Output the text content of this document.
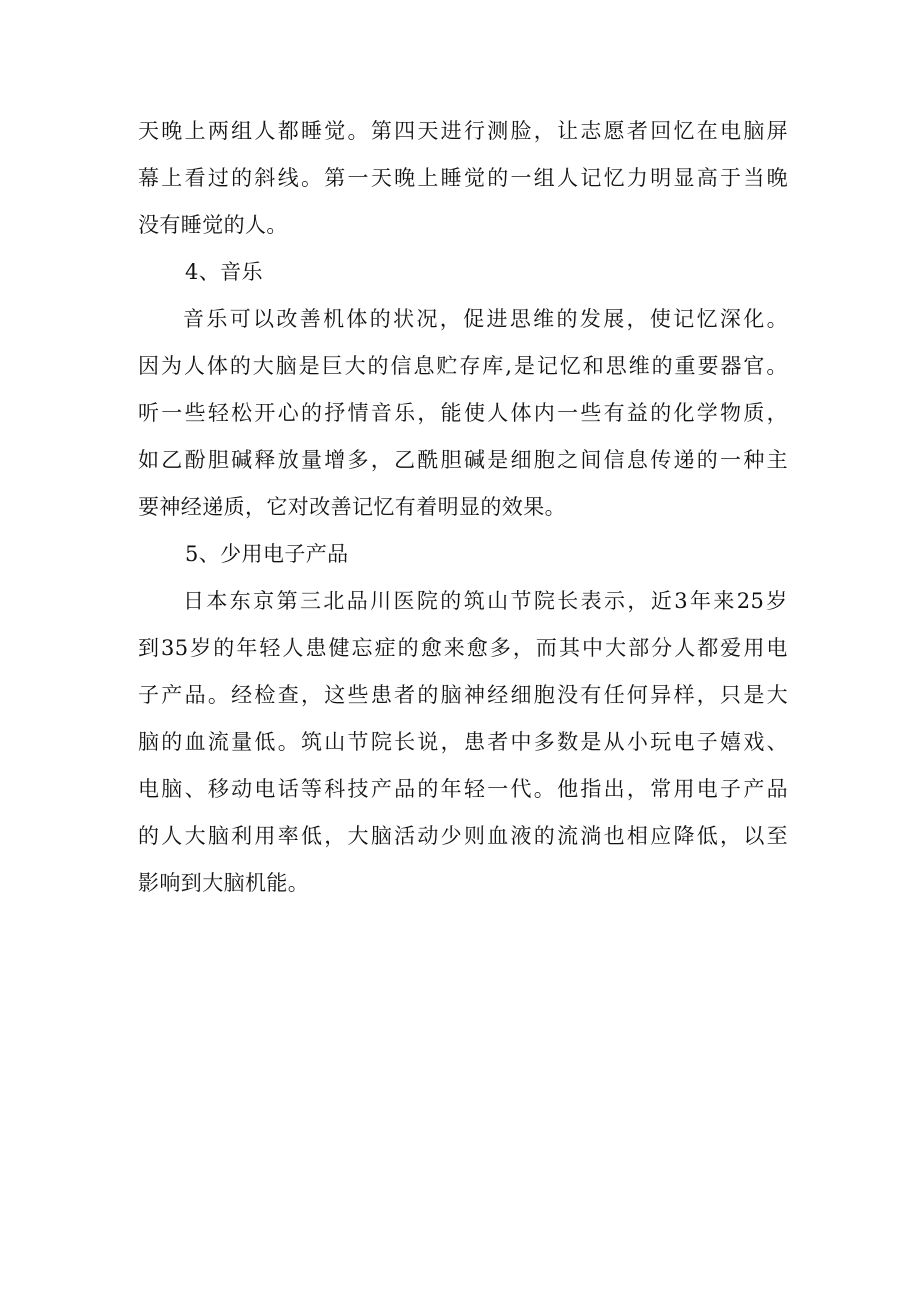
天 晚 上 两 组 人 都 睡 觉 。 第 四 天 进 行 测 脸 ， 让 志 愿 者 回 忆 在 电 脑 屏
幕 上 看 过 的 斜 线 。 第 一 天 晚 上 睡 觉 的 一 组 人 记 忆 力 明 显 高 于 当 晚
没有睡觉的人。
4、音乐
音 乐 可 以 改 善 机 体 的 状 况 ， 促 进 思 维 的 发 展 ， 使 记 忆 深 化 。
因 为 人 体 的 大 脑 是 巨 大 的 信 息 贮 存 库 , 是 记 忆 和 思 维 的 重 要 器 官 。
听 一 些 轻 松 开 心 的 抒 情 音 乐 ， 能 使 人 体 内 一 些 有 益 的 化 学 物 质 ，
如 乙 酚 胆 碱 释 放 量 增 多 ， 乙 酰 胆 碱 是 细 胞 之 间 信 息 传 递 的 一 种 主
要神经递质，它对改善记忆有着明显的效果。
5、少用电子产品
日 本 东 京 第 三 北 品 川 医 院 的 筑 山 节 院 长 表 示 ， 近 3 年 来 25 岁
到 35 岁 的 年 轻 人 患 健 忘 症 的 愈 来 愈 多 ， 而 其 中 大 部 分 人 都 爱 用 电
子 产 品 。 经 检 查 ， 这 些 患 者 的 脑 神 经 细 胞 没 有 任 何 异 样 ， 只 是 大
脑 的 血 流 量 低 。 筑 山 节 院 长 说 ， 患 者 中 多 数 是 从 小 玩 电 子 嬉 戏 、
电 脑 、 移 动 电 话 等 科 技 产 品 的 年 轻 一 代 。 他 指 出 ， 常 用 电 子 产 品
的 人 大 脑 利 用 率 低 ， 大 脑 活 动 少 则 血 液 的 流 淌 也 相 应 降 低 ， 以 至
影响到大脑机能。
